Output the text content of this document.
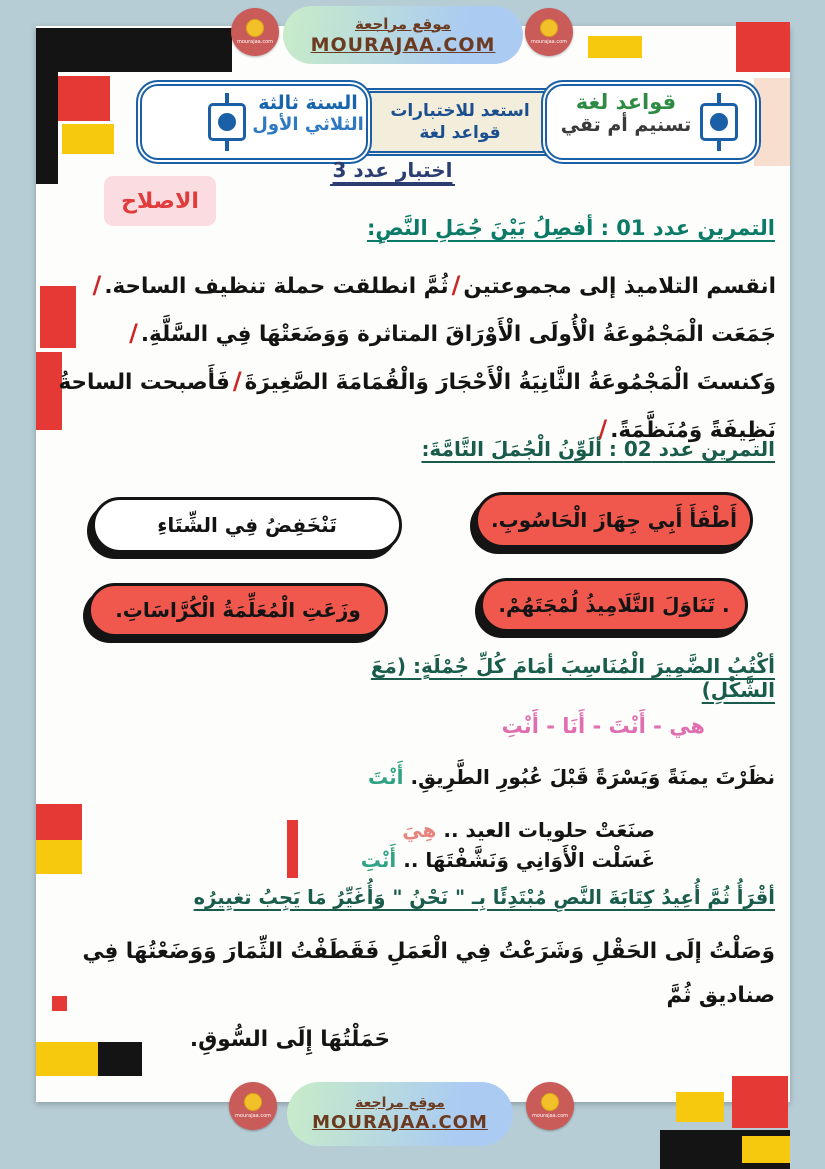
موقع مراجعة
MOURAJAA.COM
mourajaa.com	mourajaa.com
استعد للاختبارات
قواعد لغة
السنة ثالثة
الثلاثي الأول
قواعد لغة
تسنيم أم تقي
اختبار عدد 3
الاصلاح
التمرين عدد 01 : أفصِلُ بَيْنَ جُمَلِ النَّصِ:
انقسم التلاميذ إلى مجموعتين/ثُمَّ انطلقت حملة تنظيف الساحة./
جَمَعَت الْمَجْمُوعَةُ الْأُولَى الْأَوْرَاقَ المتاثرة وَوَضَعَتْهَا فِي السَّلَّةِ./
وَكنستَ الْمَجْمُوعَةُ الثَّانِيَةُ الْأَحْجَارَ وَالْقُمَامَةَ الصَّغِيرَةَ/فَأَصبحت الساحةُ
نَظِيفَةً وَمُنَظَّمَةً./
التمرين عدد 02 : ألَوِّنُ الْجُمَلَ التَّامَّةَ:
أَطْفَأَ أَبِي جِهَازَ الْحَاسُوبِ.
تَنْخَفِضُ فِي الشِّتَاءِ
. تَنَاوَلَ التَّلَامِيذُ لُمْجَتَهُمْ.
وزَعَتِ الْمُعَلِّمَةُ الْكُرَّاسَاتِ.
أكْتُبُ الضَّمِيرَ الْمُنَاسِبَ أمَامَ كُلِّ جُمْلَةٍ: (مَعَ الشَّكْلِ)
هي - أَنْتَ - أَنَا - أَنْتِ
نظَرْتَ يمنَةً وَيَسْرَةً قَبْلَ عُبُورِ الطَّرِيقِ. أَنْتَ
صنَعَتْ حلويات العيد .. هِيَ
غَسَلْت الْأَوَانِي وَنَشَّفْتَهَا .. أَنْتِ
أقْرَأُ ثُمَّ أُعِيدُ كِتَابَةَ النَّصِ مُبْتَدِئًا بِـ " نَحْنُ " وَأُغَيِّرُ مَا يَجِبُ تغيِيرُه
وَصَلْتُ إلَى الحَقْلِ وَشَرَعْتُ فِي الْعَمَلِ فَقَطَفْتُ الثِّمَارَ وَوَضَعْتُهَا فِي صناديق ثُمَّ
حَمَلْتُهَا إِلَى السُّوقِ.
موقع مراجعة
MOURAJAA.COM
mourajaa.com	mourajaa.com
